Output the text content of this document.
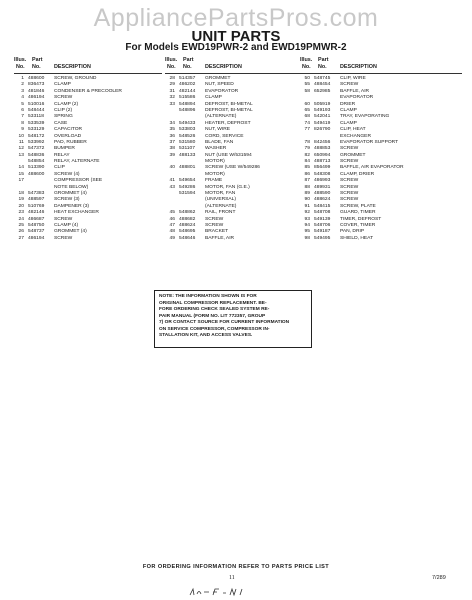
AppliancePartsPros.com
UNIT PARTS
For Models EWD19PWR-2 and EWD19PMWR-2
Illus. Part
No. No. DESCRIPTION
1 488600 SCREW, GROUND
2 836473 CLAMP
3 481846 CONDENSER & PRECOOLER
4 486194 SCREW
5 510016 CLAMP (2)
6 548444 CLIP (2)
7 533118 SPRING
8 533539 CASE
9 533129 CAPACITOR
10 548172 OVERLOAD
11 533992 PAD, RUBBER
12 547372 BUMPER
13 548836 RELAY
548854 RELAY, ALTERNATE
14 513390 CLIP
15 488600 SCREW (4)
17	COMPRESSOR (SEE
NOTE BELOW)
18 547383 GROMMET (4)
19 488597 SCREW (3)
20 510769 DAMPENER (3)
23 482146 HEAT EXCHANGER
24 486687 SCREW
25 548750 CLAMP (4)
26 548737 GROMMET (4)
27 486194 SCREW
Illus. Part
No. No. DESCRIPTION
28 514357 GROMMET
29 486202 NUT, SPEED
31 482144 EVAPORATOR
32 515586 CLAMP
33 548894 DEFROST, BI-METAL
548896 DEFROST, BI-METAL
(ALTERNATE)
34 549433 HEATER, DEFROST
35 533803 NUT, WIRE
36 548526 CORD, SERVICE
37 531580 BLADE, FAN
38 531107 WASHER
39 488133 NUT (USE W/531594
MOTOR)
40 488801 SCREW (USE W/549286
MOTOR)
41 549654 FRAME
43 549286 MOTOR, FAN (G.E.)
531594 MOTOR, FAN
(UNIVERSAL)
(ALTERNATE)
45 548862 RAIL, FRONT
46 488682 SCREW
47 488624 SCREW
48 548695 BRACKET
49 548646 BAFFLE, AIR
Illus. Part
No. No. DESCRIPTION
50 548745 CLIP, WIRE
55 488454 SCREW
58 652985 BAFFLE, AIR
EVAPORATOR
60 505919 DRIER
65 549193 CLAMP
68 542041 TRAY, EVAPORATING
74 549419 CLAMP
77 826790 CLIP, HEAT
EXCHANGER
78 842456 EVAPORATOR SUPPORT
79 488853 SCREW
82 650994 GROMMET
84 488713 SCREW
85 856499 BAFFLE, AIR EVAPORATOR
86 548308 CLAMP, DRIER
87 486993 SCREW
88 489931 SCREW
89 488590 SCREW
90 488624 SCREW
91 548415 SCREW, PLATE
92 548708 GUARD, TIMER
93 549139 TIMER, DEFROST
94 548706 COVER, TIMER
95 549187 PAN, DRIP
98 549495 SHIELD, HEAT
NOTE: THE INFORMATION SHOWN IS FOR
ORIGINAL COMPRESSOR REPLACEMENT. BE-
FORE ORDERING CHECK SEALED SYSTEM RE-
PAIR MANUAL (FORM NO. LIT 772357, GROUP
7) OR CONTACT SOURCE FOR CURRENT INFORMATION
ON SERVICE COMPRESSOR, COMPRESSOR IN-
STALLATION KIT, AND ACCESS VALVES.
FOR ORDERING INFORMATION REFER TO PARTS PRICE LIST
11	7/289
